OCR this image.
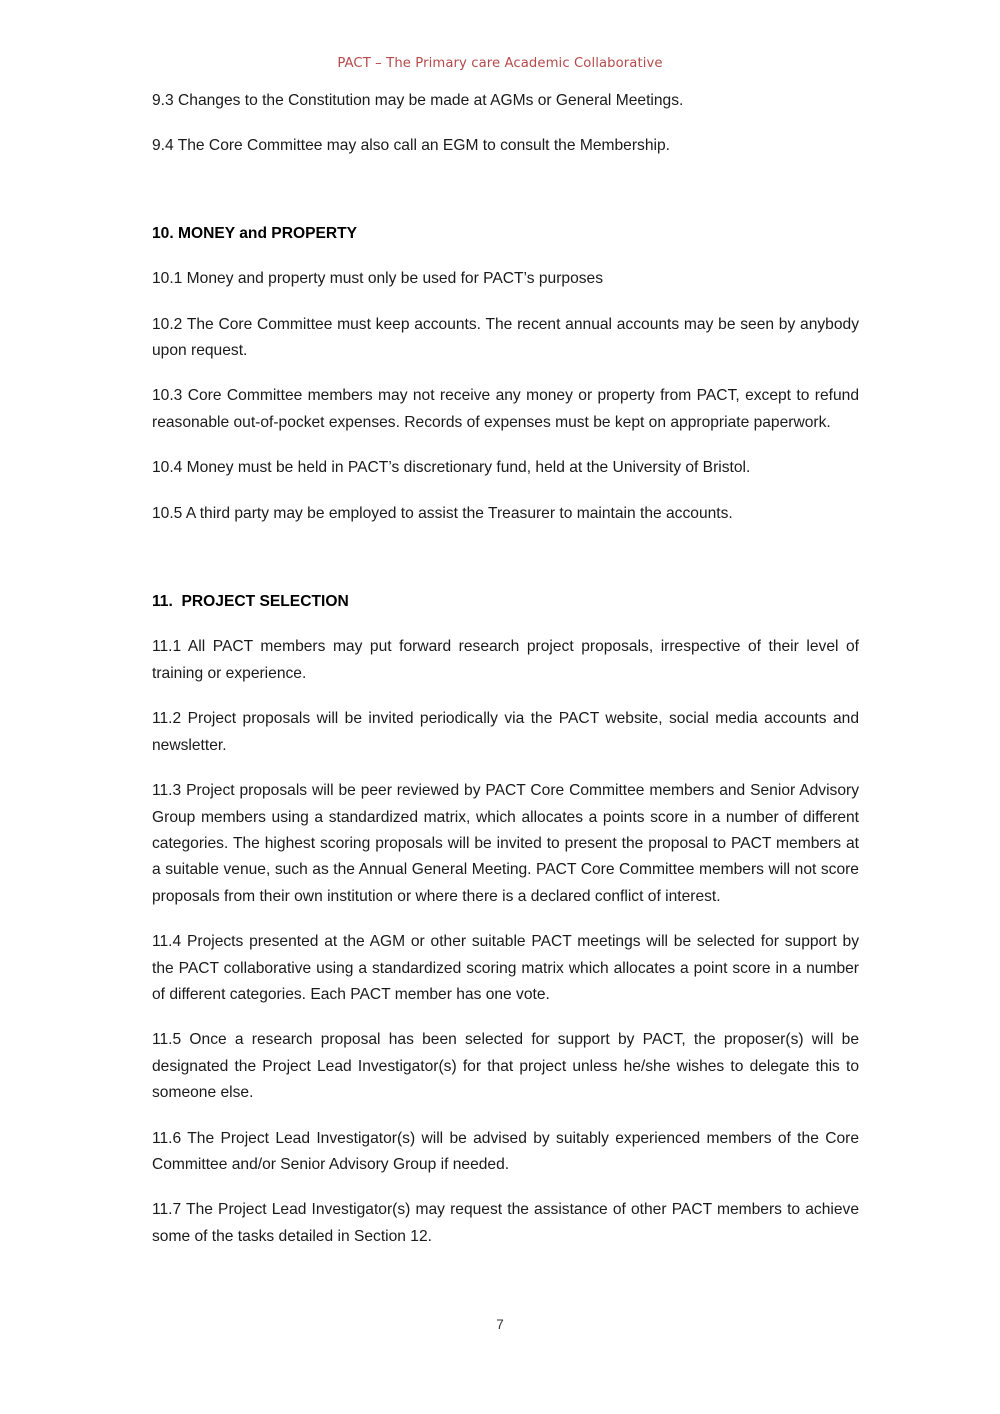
PACT – The Primary care Academic Collaborative

9.3 Changes to the Constitution may be made at AGMs or General Meetings.

9.4 The Core Committee may also call an EGM to consult the Membership.

10. MONEY and PROPERTY

10.1 Money and property must only be used for PACT’s purposes

10.2 The Core Committee must keep accounts. The recent annual accounts may be seen by anybody upon request.

10.3 Core Committee members may not receive any money or property from PACT, except to refund reasonable out-of-pocket expenses. Records of expenses must be kept on appropriate paperwork.

10.4 Money must be held in PACT’s discretionary fund, held at the University of Bristol.

10.5 A third party may be employed to assist the Treasurer to maintain the accounts.

11.  PROJECT SELECTION

11.1 All PACT members may put forward research project proposals, irrespective of their level of training or experience.

11.2 Project proposals will be invited periodically via the PACT website, social media accounts and newsletter.

11.3 Project proposals will be peer reviewed by PACT Core Committee members and Senior Advisory Group members using a standardized matrix, which allocates a points score in a number of different categories. The highest scoring proposals will be invited to present the proposal to PACT members at a suitable venue, such as the Annual General Meeting. PACT Core Committee members will not score proposals from their own institution or where there is a declared conflict of interest.

11.4 Projects presented at the AGM or other suitable PACT meetings will be selected for support by the PACT collaborative using a standardized scoring matrix which allocates a point score in a number of different categories. Each PACT member has one vote.

11.5 Once a research proposal has been selected for support by PACT, the proposer(s) will be designated the Project Lead Investigator(s) for that project unless he/she wishes to delegate this to someone else.

11.6 The Project Lead Investigator(s) will be advised by suitably experienced members of the Core Committee and/or Senior Advisory Group if needed.

11.7 The Project Lead Investigator(s) may request the assistance of other PACT members to achieve some of the tasks detailed in Section 12.

7
